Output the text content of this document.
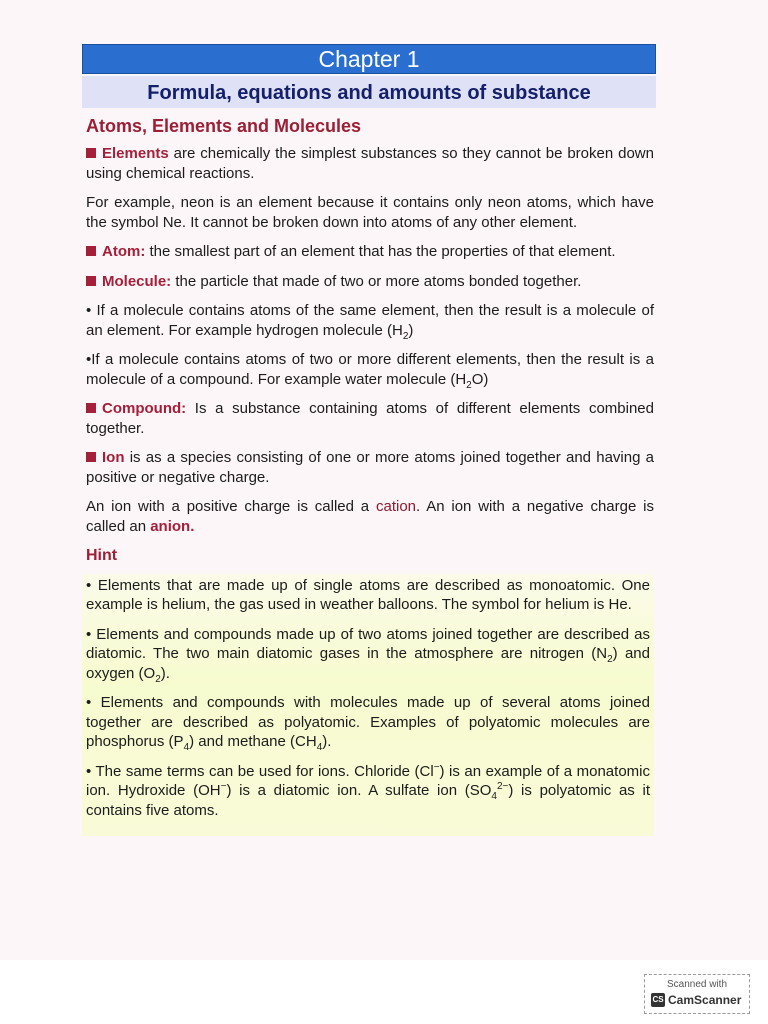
Chapter 1
Formula, equations and amounts of substance
Atoms, Elements and Molecules

Elements are chemically the simplest substances so they cannot be broken down using chemical reactions.

For example, neon is an element because it contains only neon atoms, which have the symbol Ne. It cannot be broken down into atoms of any other element.

Atom: the smallest part of an element that has the properties of that element.

Molecule: the particle that made of two or more atoms bonded together.

• If a molecule contains atoms of the same element, then the result is a molecule of an element. For example hydrogen molecule $(H_2)$

•If a molecule contains atoms of two or more different elements, then the result is a molecule of a compound. For example water molecule $(H_2O)$

Compound: Is a substance containing atoms of different elements combined together.

Ion is as a species consisting of one or more atoms joined together and having a positive or negative charge.

An ion with a positive charge is called a cation. An ion with a negative charge is called an anion.

Hint

• Elements that are made up of single atoms are described as monoatomic. One example is helium, the gas used in weather balloons. The symbol for helium is He.

• Elements and compounds made up of two atoms joined together are described as diatomic. The two main diatomic gases in the atmosphere are nitrogen $(N_2)$ and oxygen $(O_2)$.

• Elements and compounds with molecules made up of several atoms joined together are described as polyatomic. Examples of polyatomic molecules are phosphorus $(P_4)$ and methane $(CH_4)$.

• The same terms can be used for ions. Chloride (Cl−) is an example of a monatomic ion. Hydroxide (OH−) is a diatomic ion. A sulfate ion $(SO_4^{2-})$ is polyatomic as it contains five atoms.

Scanned with
CS CamScanner
